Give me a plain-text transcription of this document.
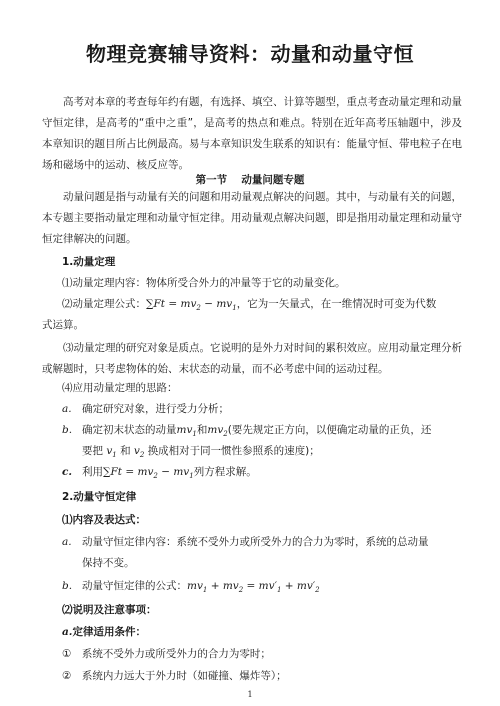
物理竞赛辅导资料：动量和动量守恒

高考对本章的考查每年约有题，有选择、填空、计算等题型，重点考查动量定理和动量守恒定律，是高考的“重中之重”，是高考的热点和难点。特别在近年高考压轴题中，涉及本章知识的题目所占比例最高。易与本章知识发生联系的知识有：能量守恒、带电粒子在电场和磁场中的运动、核反应等。

第一节　 动量问题专题

动量问题是指与动量有关的问题和用动量观点解决的问题。其中，与动量有关的问题，本专题主要指动量定理和动量守恒定律。用动量观点解决问题，即是指用动量定理和动量守恒定律解决的问题。

1.动量定理
⑴动量定理内容：物体所受合外力的冲量等于它的动量变化。
⑵动量定理公式：$\sum Ft = mv_2 - mv_1$，它为一矢量式，在一维情况时可变为代数
式运算。

⑶动量定理的研究对象是质点。它说明的是外力对时间的累积效应。应用动量定理分析或解题时，只考虑物体的始、末状态的动量，而不必考虑中间的运动过程。

⑷应用动量定理的思路：
a. 确定研究对象，进行受力分析；
b. 确定初末状态的动量$mv_1$和$mv_2$(要先规定正方向，以便确定动量的正负，还
要把 $v_1$ 和 $v_2$ 换成相对于同一惯性参照系的速度)；
c. 利用$\sum Ft = mv_2 - mv_1$列方程求解。
2.动量守恒定律
⑴内容及表达式：
a. 动量守恒定律内容：系统不受外力或所受外力的合力为零时，系统的总动量
保持不变。
b. 动量守恒定律的公式：$mv_1 + mv_2 = mv'_1 + mv'_2$
⑵说明及注意事项：
a.定律适用条件：
①　系统不受外力或所受外力的合力为零时；
②　系统内力远大于外力时（如碰撞、爆炸等）；
1
